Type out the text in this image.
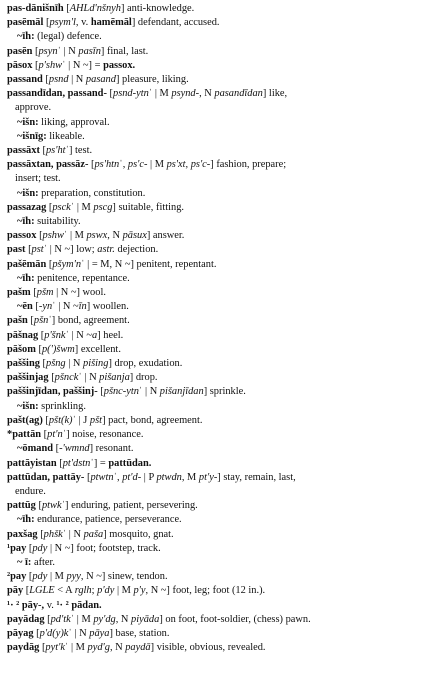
pas-dānišnīh [AHLd'nšnyh] anti-knowledge.
pasēmāl [psym'l, v. hamēmāl] defendant, accused.
~īh: (legal) defence.
pasēn [psynˈ | N pasīn] final, last.
pāsox [p'shwˈ | N ~] = passox.
passand [psnd | N pasand] pleasure, liking.
passandīdan, passand- [psnd-ytnˈ | M psynd-, N pasandīdan] like,
approve.
~išn: liking, approval.
~išnīg: likeable.
passāxt [ps'htˈ] test.
passāxtan, passāz- [ps'htnˈ, ps'c- | M ps'xt, ps'c-] fashion, prepare;
insert; test.
~išn: preparation, constitution.
passazag [psckˈ | M pscg] suitable, fitting.
~īh: suitability.
passox [pshwˈ | M pswx, N pāsux] answer.
past [pstˈ | N ~] low; astr. dejection.
pašēmān [pšym'nˈ | = M, N ~] penitent, repentant.
~īh: penitence, repentance.
pašm [pšm | N ~] wool.
~ēn [-ynˈ | N ~īn] woollen.
pašn [pšnˈ] bond, agreement.
pāšnag [p'šnkˈ | N ~a] heel.
pāšom [p(')šwm] excellent.
paššing [pšng | N pišing] drop, exudation.
paššinjag [pšnckˈ | N pišanja] drop.
paššinjīdan, paššinj- [pšnc-ytnˈ | N pišanjīdan] sprinkle.
~išn: sprinkling.
pašt(ag) [pšt(k)ˈ | J pšt] pact, bond, agreement.
*pattān [pt'nˈ] noise, resonance.
~ōmand [-'wmnd] resonant.
pattāyistan [pt'dstnˈ] = pattūdan.
pattūdan, pattāy- [ptwtnˈ, pt'd- | P ptwdn, M pt'y-] stay, remain, last,
endure.
pattūg [ptwkˈ] enduring, patient, persevering.
~īh: endurance, patience, perseverance.
paxšag [phškˈ | N paša] mosquito, gnat.
¹pay [pdy | N ~] foot; footstep, track.
~ ī: after.
²pay [pdy | M pyy, N ~] sinew, tendon.
pāy [LGLE < A rglh; p'dy | M p'y, N ~] foot, leg; foot (12 in.).
¹· ² pāy-, v. ¹· ² pādan.
payādag [pd'tkˈ | M py'dg, N piyāda] on foot, foot-soldier, (chess) pawn.
pāyag [p'd(y)kˈ | N pāya] base, station.
paydāg [pyt'kˈ | M pyd'g, N paydā] visible, obvious, revealed.
